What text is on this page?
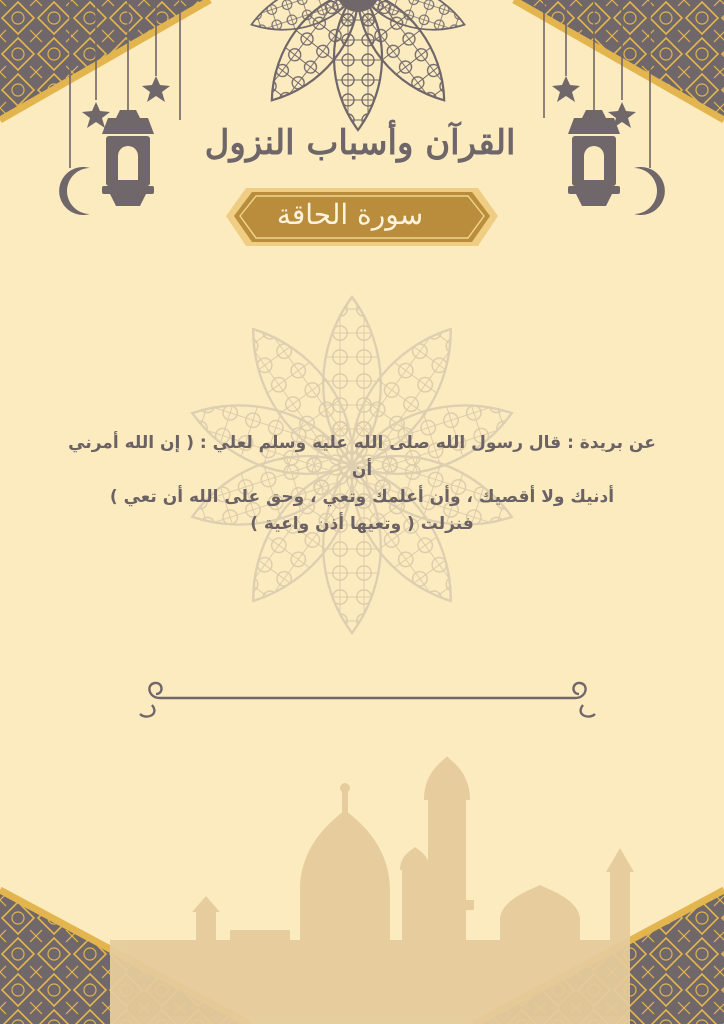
القرآن وأسباب النزول
سورة الحاقة
عن بريدة : قال رسول الله صلى الله عليه وسلم لعلي : ( إن الله أمرني أن
أدنيك ولا أقصيك ، وأن أعلمك وتعي ، وحق على الله أن تعي )
فنزلت ( وتعيها أذن واعية )
